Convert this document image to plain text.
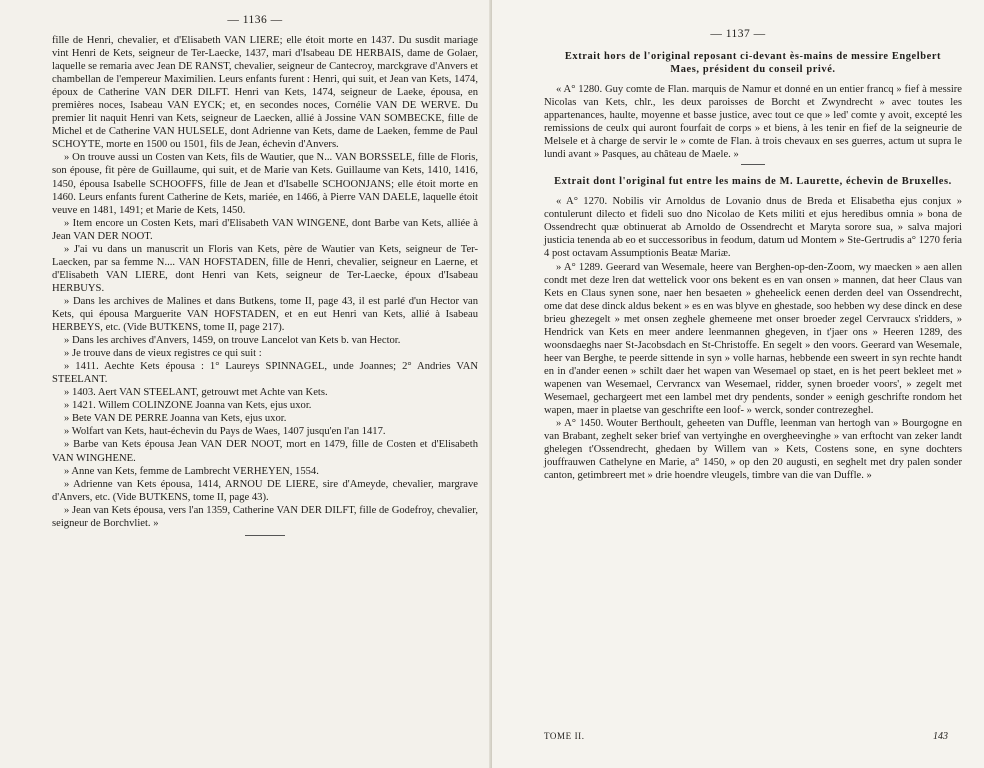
— 1136 —

fille de Henri, chevalier, et d'Elisabeth VAN LIERE; elle étoit morte en 1437. Du susdit mariage vint Henri de Kets, seigneur de Ter-Laecke, 1437, mari d'Isabeau DE HERBAIS, dame de Golaer, laquelle se remaria avec Jean DE RANST, chevalier, seigneur de Cantecroy, marckgrave d'Anvers et chambellan de l'empereur Maximilien. Leurs enfants furent : Henri, qui suit, et Jean van Kets, 1474, époux de Catherine VAN DER DILFT. Henri van Kets, 1474, seigneur de Laeke, épousa, en premières noces, Isabeau VAN EYCK; et, en secondes noces, Cornélie VAN DE WERVE. Du premier lit naquit Henri van Kets, seigneur de Laecken, allié à Jossine VAN SOMBECKE, fille de Michel et de Catherine VAN HULSELE, dont Adrienne van Kets, dame de Laeken, femme de Paul SCHOYTE, morte en 1500 ou 1501, fils de Jean, échevin d'Anvers.

» On trouve aussi un Costen van Kets, fils de Wautier, que N... VAN BORSSELE, fille de Floris, son épouse, fit père de Guillaume, qui suit, et de Marie van Kets. Guillaume van Kets, 1410, 1416, 1450, épousa Isabelle SCHOOFFS, fille de Jean et d'Isabelle SCHOONJANS; elle étoit morte en 1460. Leurs enfants furent Catherine de Kets, mariée, en 1466, à Pierre VAN DAELE, laquelle étoit veuve en 1481, 1491; et Marie de Kets, 1450.

» Item encore un Costen Kets, mari d'Elisabeth VAN WINGENE, dont Barbe van Kets, alliée à Jean VAN DER NOOT.

» J'ai vu dans un manuscrit un Floris van Kets, père de Wautier van Kets, seigneur de Ter-Laecken, par sa femme N.... VAN HOFSTADEN, fille de Henri, chevalier, seigneur en Laerne, et d'Elisabeth VAN LIERE, dont Henri van Kets, seigneur de Ter-Laecke, époux d'Isabeau HERBUYS.

» Dans les archives de Malines et dans Butkens, tome II, page 43, il est parlé d'un Hector van Kets, qui épousa Marguerite VAN HOFSTADEN, et en eut Henri van Kets, allié à Isabeau HERBEYS, etc. (Vide BUTKENS, tome II, page 217).

» Dans les archives d'Anvers, 1459, on trouve Lancelot van Kets b. van Hector.

» Je trouve dans de vieux registres ce qui suit :

» 1411. Aechte Kets épousa : 1° Laureys SPINNAGEL, unde Joannes; 2° Andries VAN STEELANT.

» 1403. Aert VAN STEELANT, getrouwt met Achte van Kets.

» 1421. Willem COLINZONE Joanna van Kets, ejus uxor.

» Bete VAN DE PERRE Joanna van Kets, ejus uxor.

» Wolfart van Kets, haut-échevin du Pays de Waes, 1407 jusqu'en l'an 1417.

» Barbe van Kets épousa Jean VAN DER NOOT, mort en 1479, fille de Costen et d'Elisabeth VAN WINGHENE.

» Anne van Kets, femme de Lambrecht VERHEYEN, 1554.

» Adrienne van Kets épousa, 1414, ARNOU DE LIERE, sire d'Ameyde, chevalier, margrave d'Anvers, etc. (Vide BUTKENS, tome II, page 43).

» Jean van Kets épousa, vers l'an 1359, Catherine VAN DER DILFT, fille de Godefroy, chevalier, seigneur de Borchvliet. »

— 1137 —
Extrait hors de l'original reposant ci-devant ès-mains de messire Engelbert Maes, président du conseil privé.

« A° 1280. Guy comte de Flan. marquis de Namur et donné en un entier francq » fief à messire Nicolas van Kets, chlr., les deux paroisses de Borcht et Zwyndrecht » avec toutes les appartenances, haulte, moyenne et basse justice, avec tout ce que » led' comte y avoit, excepté les remissions de ceulx qui auront fourfait de corps » et biens, à les tenir en fief de la seigneurie de Melsele et à charge de servir le » comte de Flan. à trois chevaux en ses guerres, actum ut supra le lundi avant » Pasques, au château de Maele. »

Extrait dont l'original fut entre les mains de M. Laurette, échevin de Bruxelles.

« A° 1270. Nobilis vir Arnoldus de Lovanio dnus de Breda et Elisabetha ejus conjux » contulerunt dilecto et fideli suo dno Nicolao de Kets militi et ejus heredibus omnia » bona de Ossendrecht quæ obtinuerat ab Arnoldo de Ossendrecht et Maryta sorore sua, » salva majori justicia tenenda ab eo et successoribus in feodum, datum ud Montem » Ste-Gertrudis a° 1270 feria 4 post octavam Assumptionis Beatæ Mariæ.

» A° 1289. Geerard van Wesemale, heere van Berghen-op-den-Zoom, wy maecken » aen allen condt met deze lren dat wettelick voor ons bekent es en van onsen » mannen, dat heer Claus van Kets en Claus synen sone, naer hen besaeten » gheheelick eenen derden deel van Ossendrecht, ome dat dese dinck aldus bekent » es en was blyve en ghestade, soo hebben wy dese dinck en dese brieu ghezegelt » met onsen zeghele ghemeene met onser broeder zegel Cervraucx s'ridders, » Hendrick van Kets en meer andere leenmannen ghegeven, in t'jaer ons » Heeren 1289, des woonsdaeghs naer St-Jacobsdach en St-Christoffe. En segelt » den voors. Geerard van Wesemale, heer van Berghe, te peerde sittende in syn » volle harnas, hebbende een sweert in syn rechte handt en in d'ander eenen » schilt daer het wapen van Wesemael op staet, en is het peert bekleet met » wapenen van Wesemael, Cervrancx van Wesemael, ridder, synen broeder voors', » zegelt met Wesemael, gechargeert met een lambel met dry pendents, sonder » eenigh geschrifte rondom het wapen, maer in plaetse van geschrifte een loof- » werck, sonder contrezeghel.

» A° 1450. Wouter Berthoult, geheeten van Duffle, leenman van hertogh van » Bourgogne en van Brabant, zeghelt seker brief van vertyinghe en overgheevinghe » van erftocht van zeker landt ghelegen t'Ossendrecht, ghedaen by Willem van » Kets, Costens sone, en syne dochters jouffrauwen Cathelyne en Marie, a° 1450, » op den 20 augusti, en seghelt met dry palen sonder canton, getimbreert met » drie hoendre vleugels, timbre van die van Duffle. »

TOME II.	143
